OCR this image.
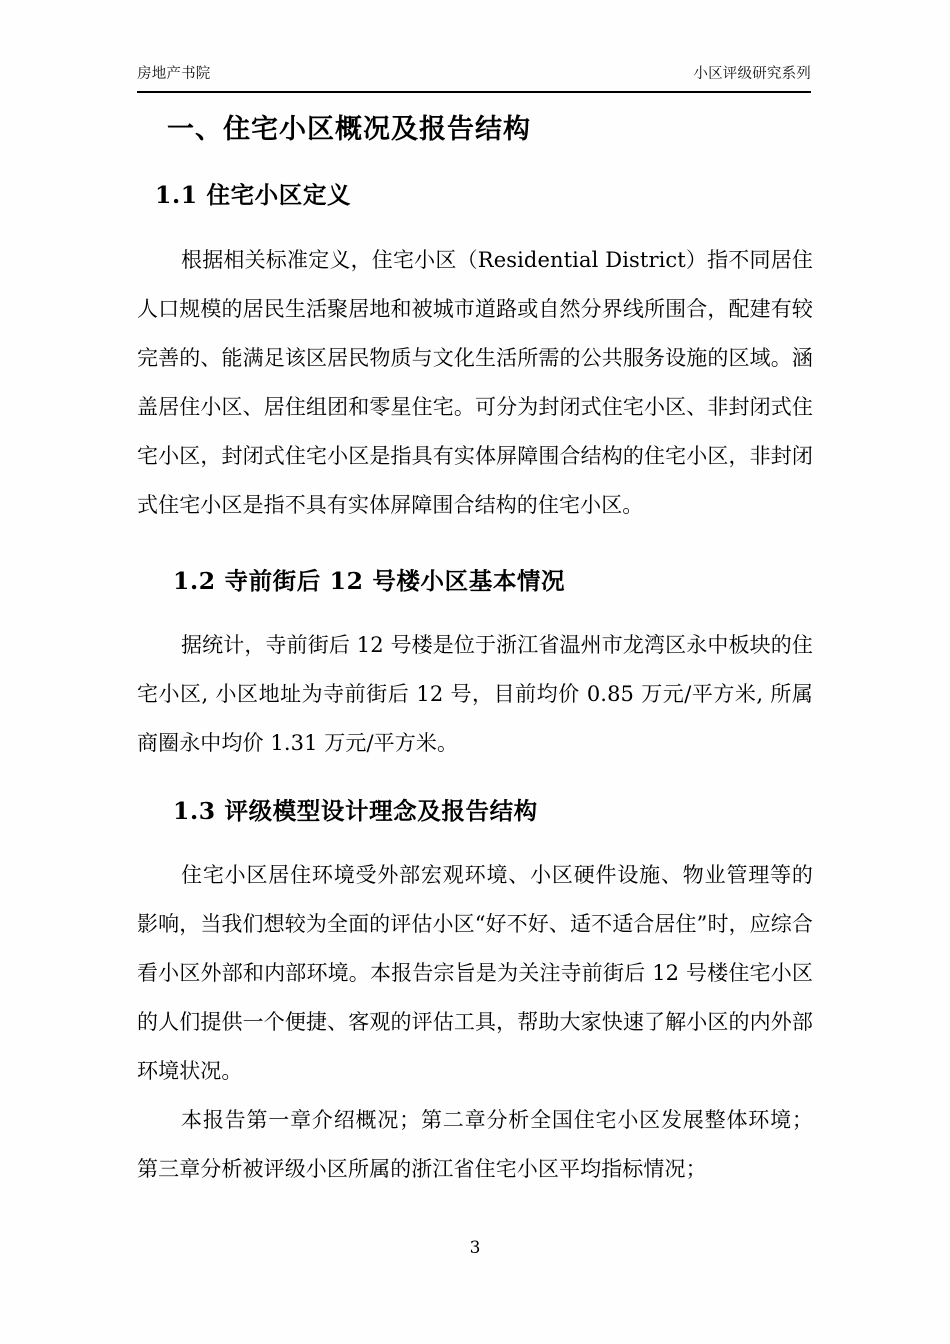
房地产书院	小区评级研究系列
一、住宅小区概况及报告结构
1.1 住宅小区定义

根据相关标准定义，住宅小区（Residential District）指不同居住人口规模的居民生活聚居地和被城市道路或自然分界线所围合，配建有较完善的、能满足该区居民物质与文化生活所需的公共服务设施的区域。涵盖居住小区、居住组团和零星住宅。可分为封闭式住宅小区、非封闭式住宅小区，封闭式住宅小区是指具有实体屏障围合结构的住宅小区，非封闭式住宅小区是指不具有实体屏障围合结构的住宅小区。

1.2 寺前街后 12 号楼小区基本情况

据统计，寺前街后 12 号楼是位于浙江省温州市龙湾区永中板块的住宅小区, 小区地址为寺前街后 12 号，目前均价 0.85 万元/平方米, 所属商圈永中均价 1.31 万元/平方米。

1.3 评级模型设计理念及报告结构

住宅小区居住环境受外部宏观环境、小区硬件设施、物业管理等的影响，当我们想较为全面的评估小区“好不好、适不适合居住”时，应综合看小区外部和内部环境。本报告宗旨是为关注寺前街后 12 号楼住宅小区的人们提供一个便捷、客观的评估工具，帮助大家快速了解小区的内外部环境状况。

本报告第一章介绍概况；第二章分析全国住宅小区发展整体环境；第三章分析被评级小区所属的浙江省住宅小区平均指标情况；

3
